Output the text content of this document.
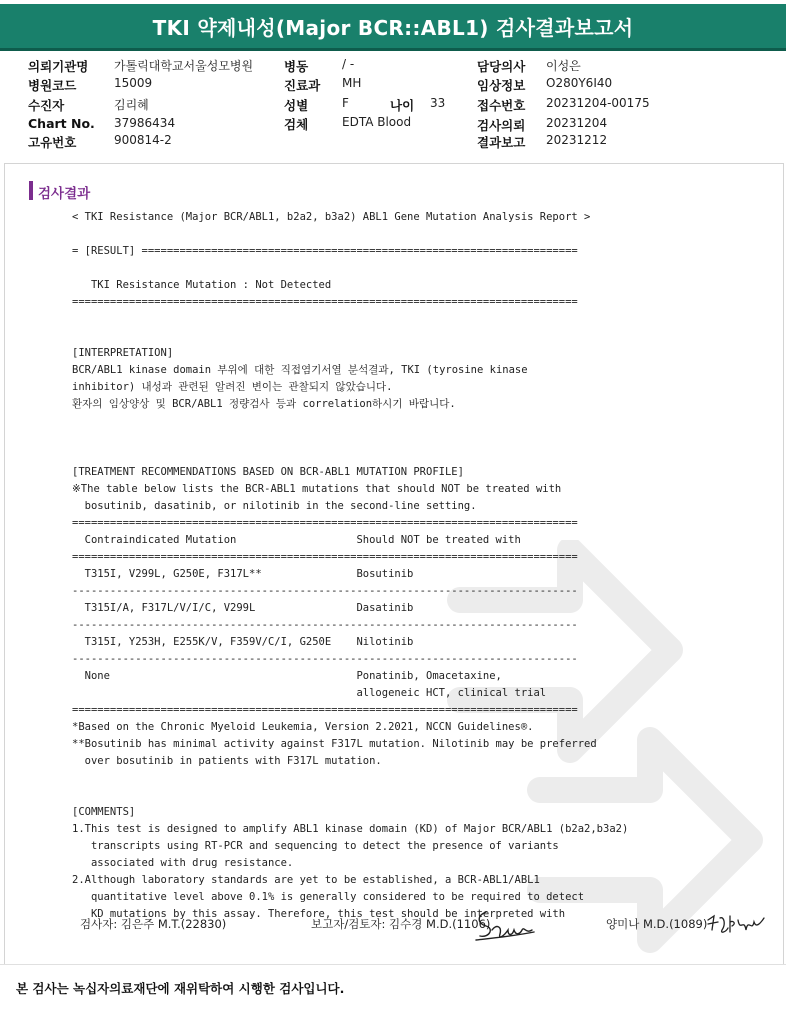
TKI 약제내성(Major BCR::ABL1) 검사결과보고서
의뢰기관명 가톨릭대학교서울성모병원
병원코드	15009
수진자	김리혜
Chart No. 37986434
고유번호	900814-2
병동	/ -
진료과 MH
성별	F	나이 33
검체	EDTA Blood
담당의사 이성은
임상정보 O280Y6I40
접수번호 20231204-00175
검사의뢰 20231204
결과보고 20231212
검사결과
< TKI Resistance (Major BCR/ABL1, b2a2, b3a2) ABL1 Gene Mutation Analysis Report >
= [RESULT] =====================================================================
TKI Resistance Mutation : Not Detected
================================================================================
[INTERPRETATION]
BCR/ABL1 kinase domain 부위에 대한 직접염기서열 분석결과, TKI (tyrosine kinase
inhibitor) 내성과 관련된 알려진 변이는 관찰되지 않았습니다.
환자의 임상양상 및 BCR/ABL1 정량검사 등과 correlation하시기 바랍니다.
[TREATMENT RECOMMENDATIONS BASED ON BCR-ABL1 MUTATION PROFILE]
※The table below lists the BCR-ABL1 mutations that should NOT be treated with
bosutinib, dasatinib, or nilotinib in the second-line setting.
================================================================================
Contraindicated Mutation                   Should NOT be treated with
================================================================================
T315I, V299L, G250E, F317L**               Bosutinib
--------------------------------------------------------------------------------
T315I/A, F317L/V/I/C, V299L                Dasatinib
--------------------------------------------------------------------------------
T315I, Y253H, E255K/V, F359V/C/I, G250E    Nilotinib
--------------------------------------------------------------------------------
None                                       Ponatinib, Omacetaxine,
allogeneic HCT, clinical trial
================================================================================
*Based on the Chronic Myeloid Leukemia, Version 2.2021, NCCN Guidelines®.
**Bosutinib has minimal activity against F317L mutation. Nilotinib may be preferred
over bosutinib in patients with F317L mutation.
[COMMENTS]
1.This test is designed to amplify ABL1 kinase domain (KD) of Major BCR/ABL1 (b2a2,b3a2)
transcripts using RT-PCR and sequencing to detect the presence of variants
associated with drug resistance.
2.Although laboratory standards are yet to be established, a BCR-ABL1/ABL1
quantitative level above 0.1% is generally considered to be required to detect
KD mutations by this assay. Therefore, this test should be interpreted with
검사자: 김은주 M.T.(22830)	보고자/검토자: 김수경 M.D.(1106)	양미나 M.D.(1089)
본 검사는 녹십자의료재단에 재위탁하여 시행한 검사입니다.
